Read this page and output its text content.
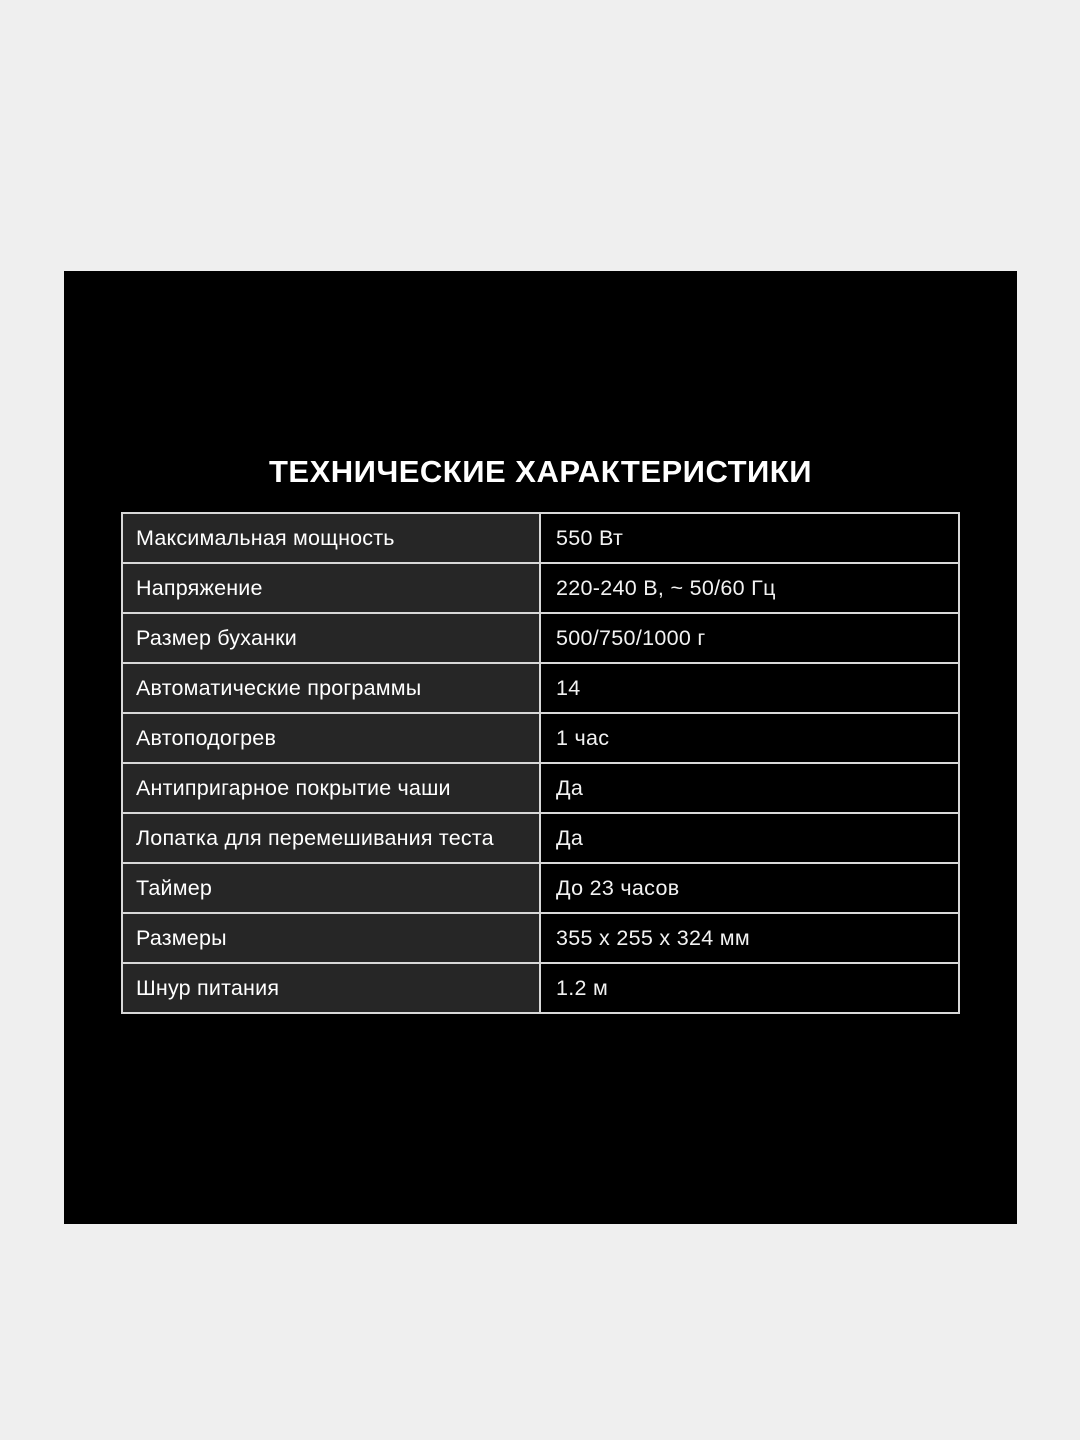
ТЕХНИЧЕСКИЕ ХАРАКТЕРИСТИКИ
Максимальная мощность	550 Вт
Напряжение	220-240 В, ~ 50/60 Гц
Размер буханки	500/750/1000 г
Автоматические программы	14
Автоподогрев	1 час
Антипригарное покрытие чаши	Да
Лопатка для перемешивания теста	Да
Таймер	До 23 часов
Размеры	355 x 255 x 324 мм
Шнур питания	1.2 м
